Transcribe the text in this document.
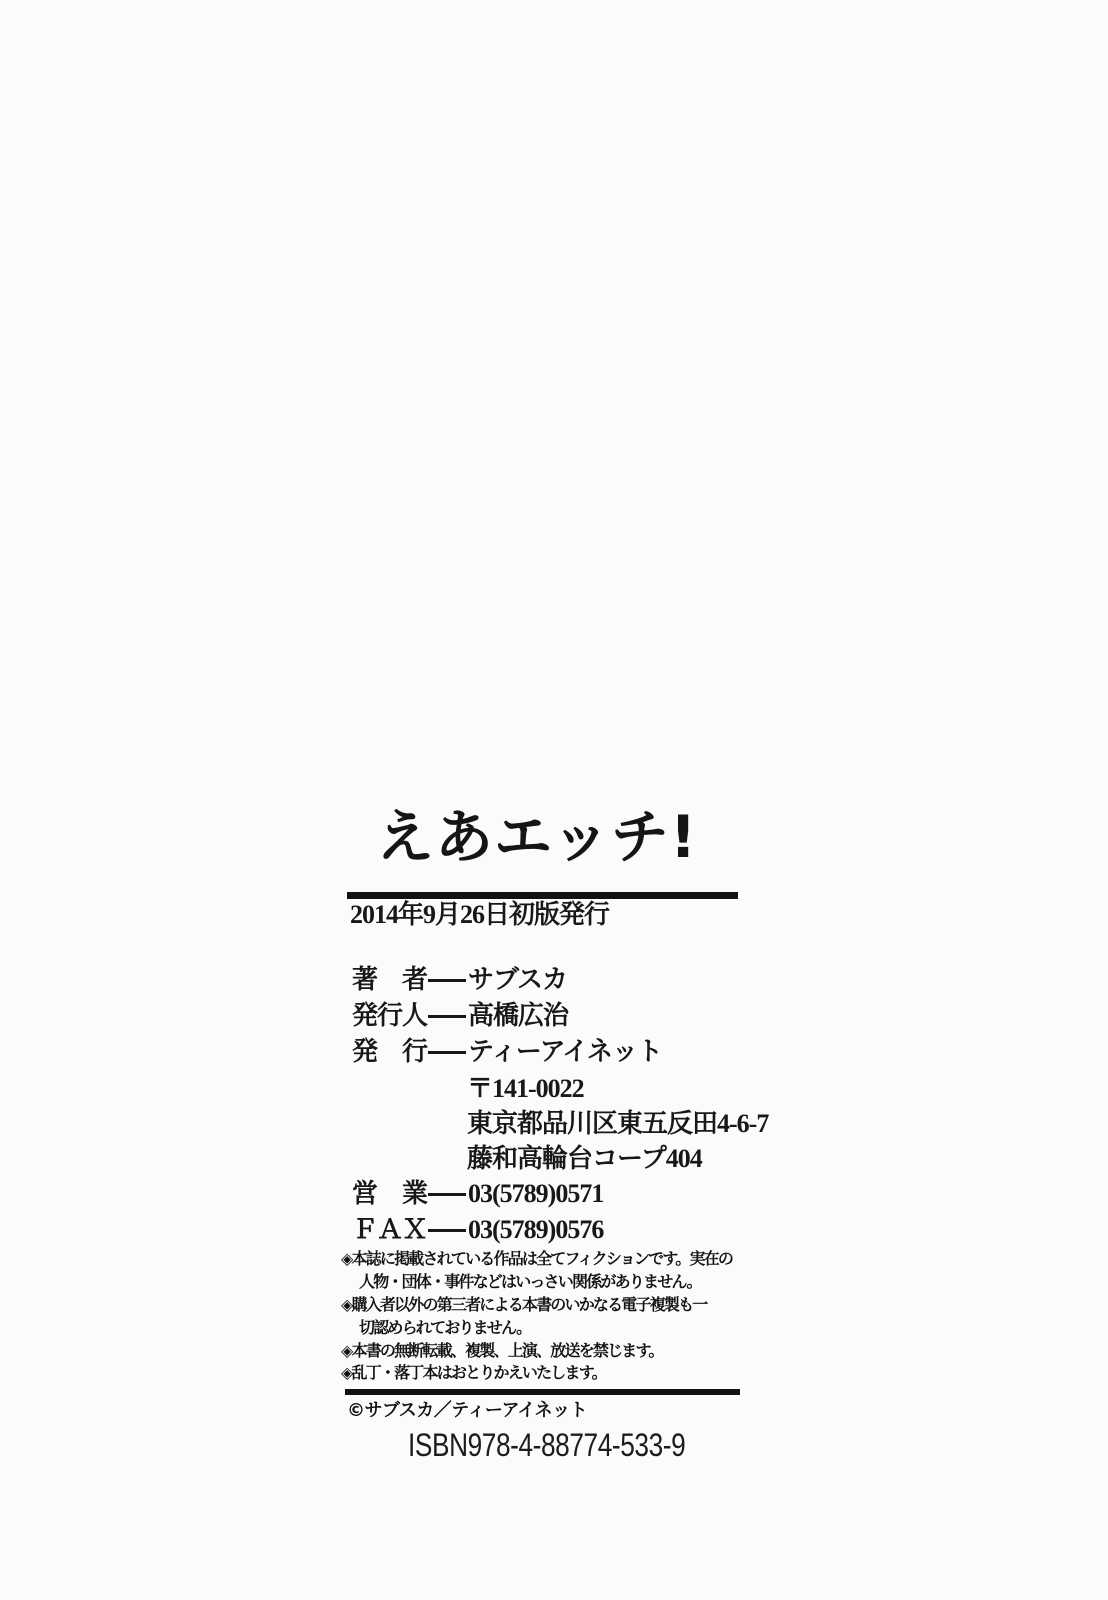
えあエッチ!
2014年9月26日初版発行
著　者 サブスカ
発行人 高橋広治
発　行 ティーアイネット
〒141-0022
東京都品川区東五反田4-6-7
藤和高輪台コープ404
営　業 03(5789)0571
ＦＡＸ 03(5789)0576
◈本誌に掲載されている作品は全てフィクションです。実在の
人物・団体・事件などはいっさい関係がありません。
◈購入者以外の第三者による本書のいかなる電子複製も一
切認められておりません。
◈本書の無断転載、複製、上演、放送を禁じます。
◈乱丁・落丁本はおとりかえいたします。
©サブスカ／ティーアイネット
ISBN978-4-88774-533-9
